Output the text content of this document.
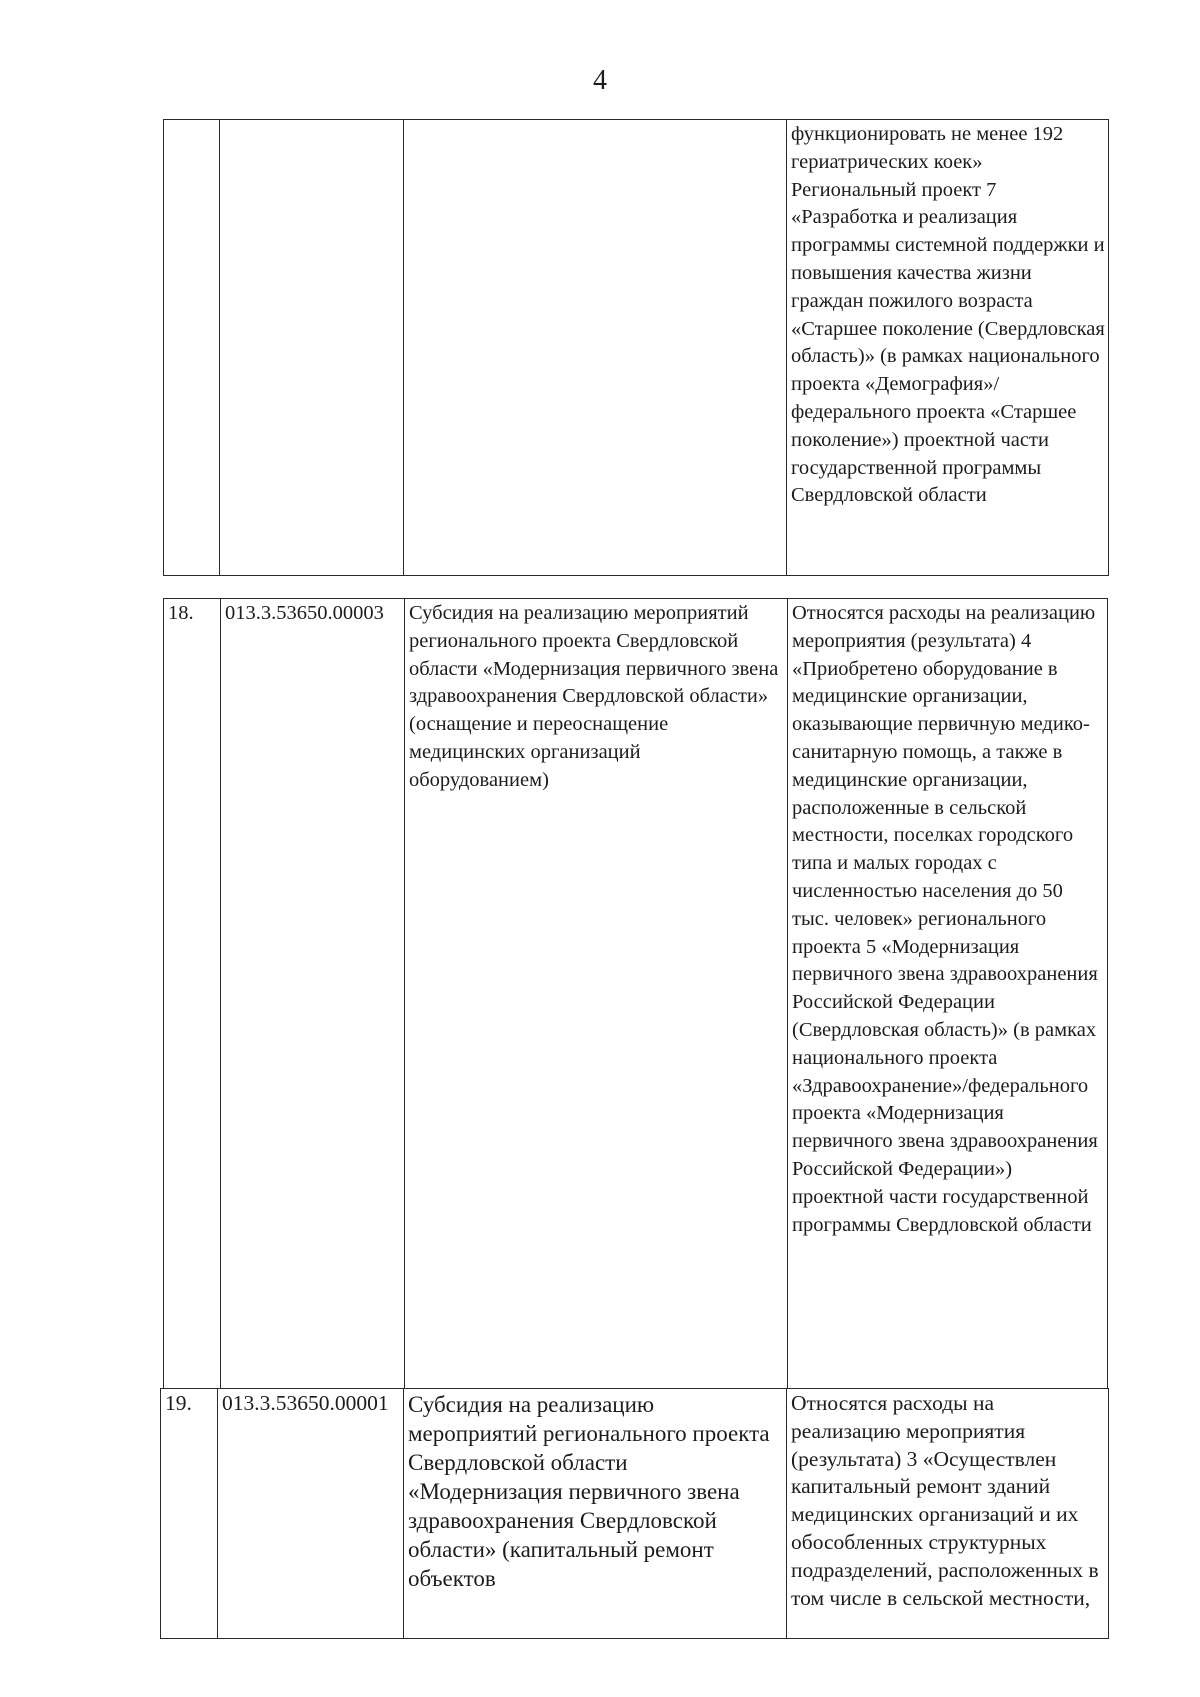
4
			функционировать не менее 192 гериатрических коек» Региональный проект 7 «Разработка и реализация программы системной поддержки и повышения качества жизни граждан пожилого возраста «Старшее поколение (Свердловская область)» (в рамках национального проекта «Демография»/федерального проекта «Старшее поколение») проектной части государственной программы Свердловской области
18.	013.3.53650.00003	Субсидия на реализацию мероприятий регионального проекта Свердловской области «Модернизация первичного звена здравоохранения Свердловской области» (оснащение и переоснащение медицинских организаций оборудованием)	Относятся расходы на реализацию мероприятия (результата) 4 «Приобретено оборудование в медицинские организации, оказывающие первичную медико-санитарную помощь, а также в медицинские организации, расположенные в сельской местности, поселках городского типа и малых городах с численностью населения до 50 тыс. человек» регионального проекта 5 «Модернизация первичного звена здравоохранения Российской Федерации (Свердловская область)» (в рамках национального проекта «Здравоохранение»/федерального проекта «Модернизация первичного звена здравоохранения Российской Федерации») проектной части государственной программы Свердловской области
19.	013.3.53650.00001	Субсидия на реализацию мероприятий регионального проекта Свердловской области «Модернизация первичного звена здравоохранения Свердловской области» (капитальный ремонт объектов	Относятся расходы на реализацию мероприятия (результата) 3 «Осуществлен капитальный ремонт зданий медицинских организаций и их обособленных структурных подразделений, расположенных в том числе в сельской местности,
